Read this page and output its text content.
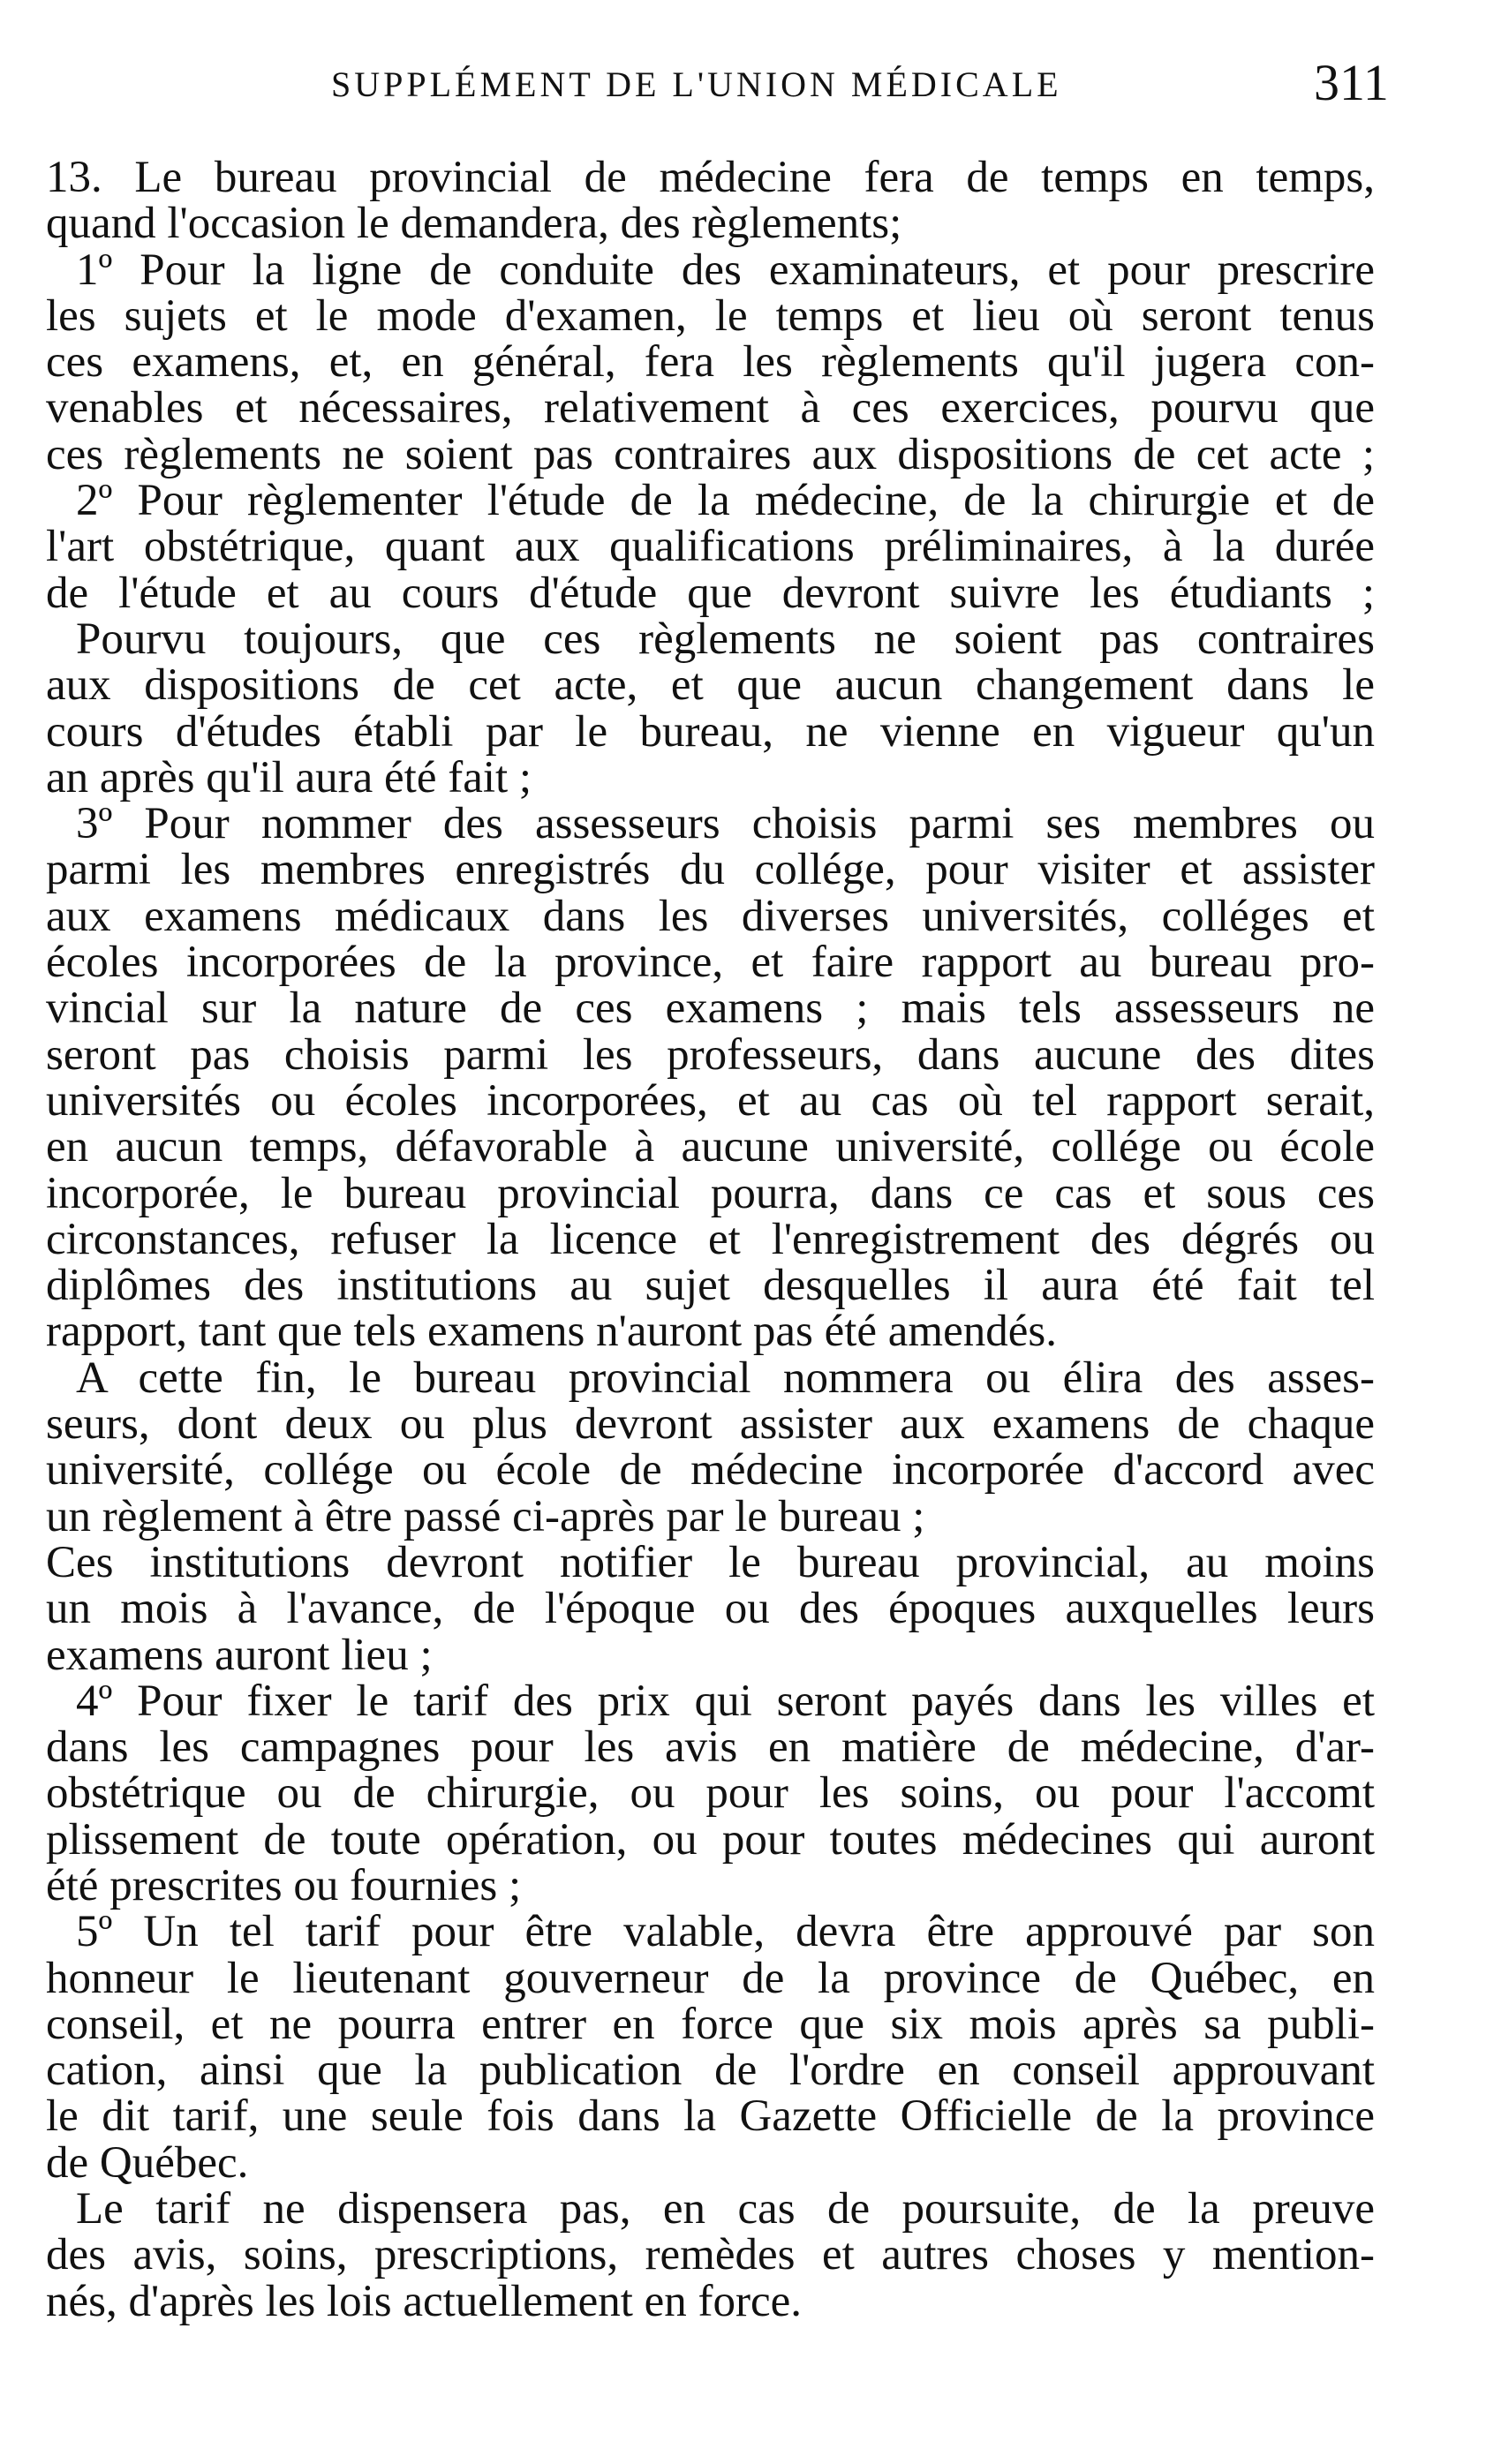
SUPPLÉMENT DE L'UNION MÉDICALE	311
13. Le bureau provincial de médecine fera de temps en temps,
quand l'occasion le demandera, des règlements;
1º Pour la ligne de conduite des examinateurs, et pour prescrire
les sujets et le mode d'examen, le temps et lieu où seront tenus
ces examens, et, en général, fera les règlements qu'il jugera con-
venables et nécessaires, relativement à ces exercices, pourvu que
ces règlements ne soient pas contraires aux dispositions de cet acte ;
2º Pour règlementer l'étude de la médecine, de la chirurgie et de
l'art obstétrique, quant aux qualifications préliminaires, à la durée
de l'étude et au cours d'étude que devront suivre les étudiants ;
Pourvu toujours, que ces règlements ne soient pas contraires
aux dispositions de cet acte, et que aucun changement dans le
cours d'études établi par le bureau, ne vienne en vigueur qu'un
an après qu'il aura été fait ;
3º Pour nommer des assesseurs choisis parmi ses membres ou
parmi les membres enregistrés du collége, pour visiter et assister
aux examens médicaux dans les diverses universités, colléges et
écoles incorporées de la province, et faire rapport au bureau pro-
vincial sur la nature de ces examens ; mais tels assesseurs ne
seront pas choisis parmi les professeurs, dans aucune des dites
universités ou écoles incorporées, et au cas où tel rapport serait,
en aucun temps, défavorable à aucune université, collége ou école
incorporée, le bureau provincial pourra, dans ce cas et sous ces
circonstances, refuser la licence et l'enregistrement des dégrés ou
diplômes des institutions au sujet desquelles il aura été fait tel
rapport, tant que tels examens n'auront pas été amendés.
A cette fin, le bureau provincial nommera ou élira des asses-
seurs, dont deux ou plus devront assister aux examens de chaque
université, collége ou école de médecine incorporée d'accord avec
un règlement à être passé ci-après par le bureau ;
Ces institutions devront notifier le bureau provincial, au moins
un mois à l'avance, de l'époque ou des époques auxquelles leurs
examens auront lieu ;
4º Pour fixer le tarif des prix qui seront payés dans les villes et
dans les campagnes pour les avis en matière de médecine, d'ar-
obstétrique ou de chirurgie, ou pour les soins, ou pour l'accomt
plissement de toute opération, ou pour toutes médecines qui auront
été prescrites ou fournies ;
5º Un tel tarif pour être valable, devra être approuvé par son
honneur le lieutenant gouverneur de la province de Québec, en
conseil, et ne pourra entrer en force que six mois après sa publi-
cation, ainsi que la publication de l'ordre en conseil approuvant
le dit tarif, une seule fois dans la Gazette Officielle de la province
de Québec.
Le tarif ne dispensera pas, en cas de poursuite, de la preuve
des avis, soins, prescriptions, remèdes et autres choses y mention-
nés, d'après les lois actuellement en force.
